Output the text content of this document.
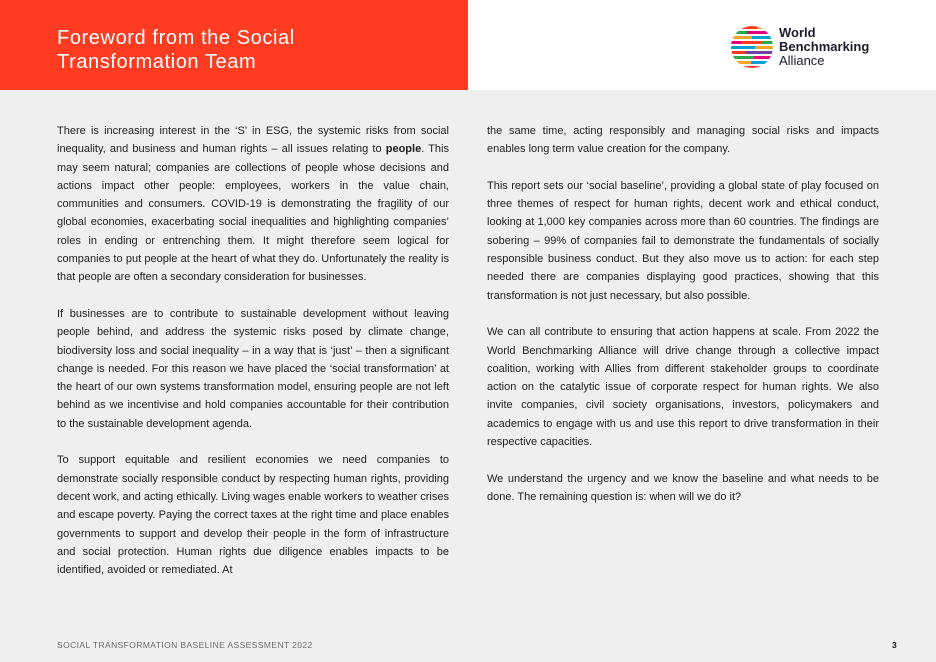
Foreword from the Social
Transformation Team
World
Benchmarking
Alliance

There is increasing interest in the ‘S’ in ESG, the systemic risks from social inequality, and business and human rights – all issues relating to people. This may seem natural; companies are collections of people whose decisions and actions impact other people: employees, workers in the value chain, communities and consumers. COVID-19 is demonstrating the fragility of our global economies, exacerbating social inequalities and highlighting companies’ roles in ending or entrenching them. It might therefore seem logical for companies to put people at the heart of what they do. Unfortunately the reality is that people are often a secondary consideration for businesses.

If businesses are to contribute to sustainable development without leaving people behind, and address the systemic risks posed by climate change, biodiversity loss and social inequality – in a way that is ‘just’ – then a significant change is needed. For this reason we have placed the ‘social transformation’ at the heart of our own systems transformation model, ensuring people are not left behind as we incentivise and hold companies accountable for their contribution to the sustainable development agenda.

To support equitable and resilient economies we need companies to demonstrate socially responsible conduct by respecting human rights, providing decent work, and acting ethically. Living wages enable workers to weather crises and escape poverty. Paying the correct taxes at the right time and place enables governments to support and develop their people in the form of infrastructure and social protection. Human rights due diligence enables impacts to be identified, avoided or remediated. At

the same time, acting responsibly and managing social risks and impacts enables long term value creation for the company.

This report sets our ‘social baseline’, providing a global state of play focused on three themes of respect for human rights, decent work and ethical conduct, looking at 1,000 key companies across more than 60 countries. The findings are sobering – 99% of companies fail to demonstrate the fundamentals of socially responsible business conduct. But they also move us to action: for each step needed there are companies displaying good practices, showing that this transformation is not just necessary, but also possible.

We can all contribute to ensuring that action happens at scale. From 2022 the World Benchmarking Alliance will drive change through a collective impact coalition, working with Allies from different stakeholder groups to coordinate action on the catalytic issue of corporate respect for human rights. We also invite companies, civil society organisations, investors, policymakers and academics to engage with us and use this report to drive transformation in their respective capacities.

We understand the urgency and we know the baseline and what needs to be done. The remaining question is: when will we do it?

SOCIAL TRANSFORMATION BASELINE ASSESSMENT 2022	3
